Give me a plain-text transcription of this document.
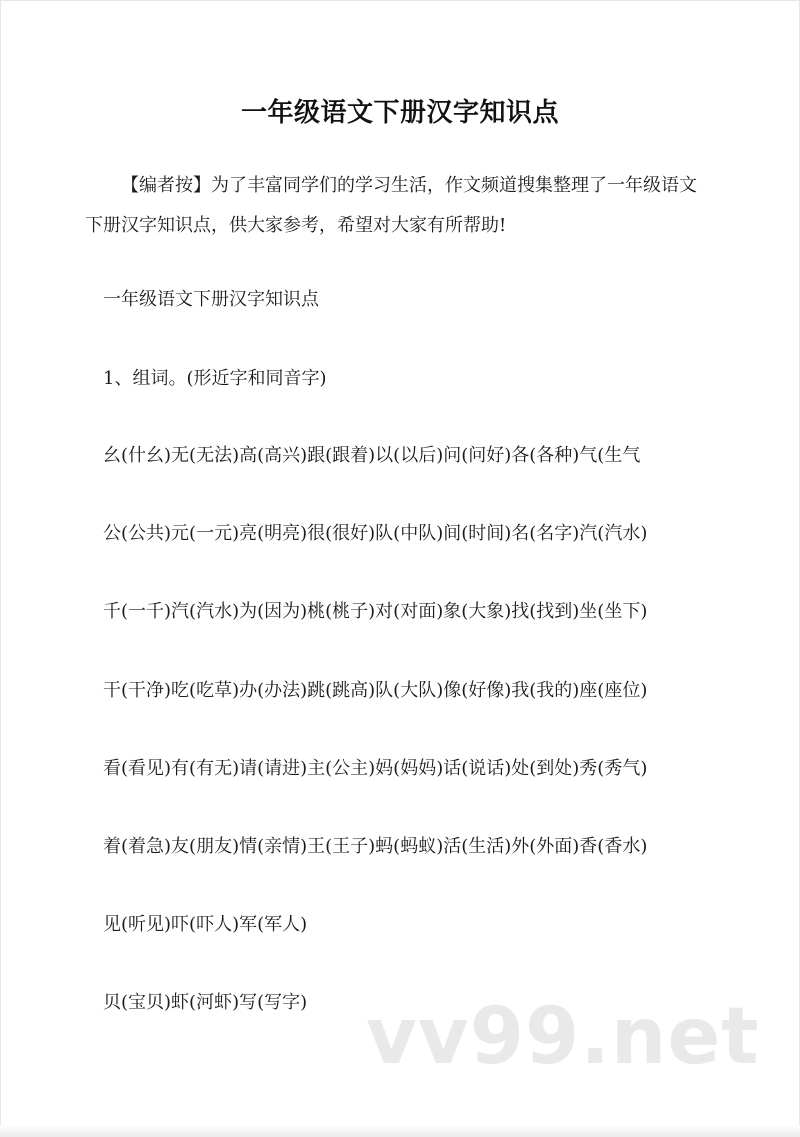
一年级语文下册汉字知识点
【编者按】为了丰富同学们的学习生活，作文频道搜集整理了一年级语文下册汉字知识点，供大家参考，希望对大家有所帮助!
一年级语文下册汉字知识点
1、组词。(形近字和同音字)
幺(什幺)无(无法)高(高兴)跟(跟着)以(以后)问(问好)各(各种)气(生气
公(公共)元(一元)亮(明亮)很(很好)队(中队)间(时间)名(名字)汽(汽水)
千(一千)汽(汽水)为(因为)桃(桃子)对(对面)象(大象)找(找到)坐(坐下)
干(干净)吃(吃草)办(办法)跳(跳高)队(大队)像(好像)我(我的)座(座位)
看(看见)有(有无)请(请进)主(公主)妈(妈妈)话(说话)处(到处)秀(秀气)
着(着急)友(朋友)情(亲情)王(王子)蚂(蚂蚁)活(生活)外(外面)香(香水)
见(听见)吓(吓人)军(军人)
贝(宝贝)虾(河虾)写(写字) vv99.net
